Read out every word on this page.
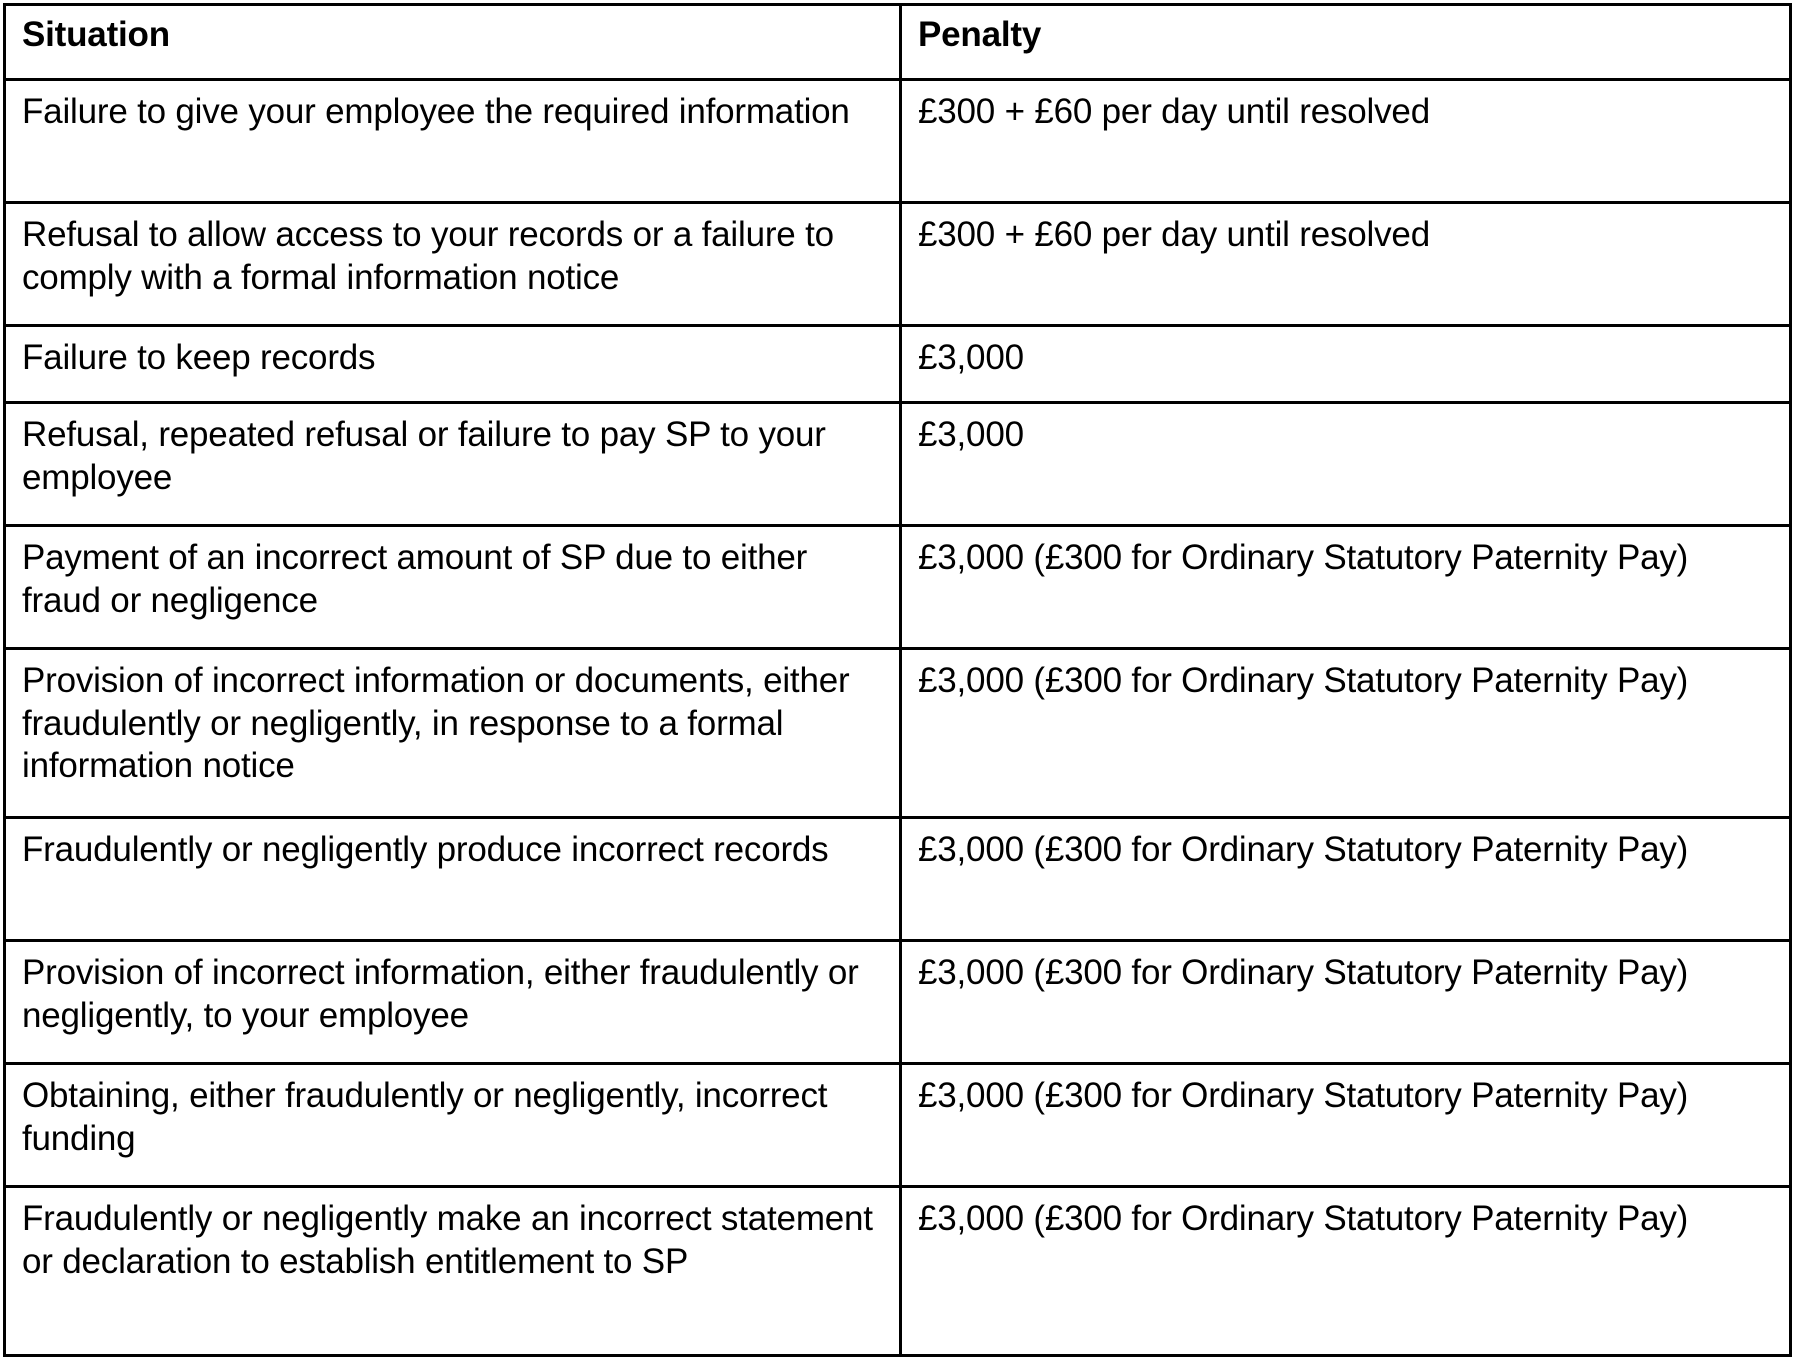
Situation	Penalty

Failure to give your employee the required information	£300 + £60 per day until resolved

Refusal to allow access to your records or a failure to comply with a formal information notice	£300 + £60 per day until resolved

Failure to keep records	£3,000

Refusal, repeated refusal or failure to pay SP to your employee	£3,000

Payment of an incorrect amount of SP due to either fraud or negligence	£3,000 (£300 for Ordinary Statutory Paternity Pay)

Provision of incorrect information or documents, either fraudulently or negligently, in response to a formal information notice	£3,000 (£300 for Ordinary Statutory Paternity Pay)

Fraudulently or negligently produce incorrect records	£3,000 (£300 for Ordinary Statutory Paternity Pay)

Provision of incorrect information, either fraudulently or negligently, to your employee	£3,000 (£300 for Ordinary Statutory Paternity Pay)

Obtaining, either fraudulently or negligently, incorrect funding	£3,000 (£300 for Ordinary Statutory Paternity Pay)

Fraudulently or negligently make an incorrect statement or declaration to establish entitlement to SP	£3,000 (£300 for Ordinary Statutory Paternity Pay)
